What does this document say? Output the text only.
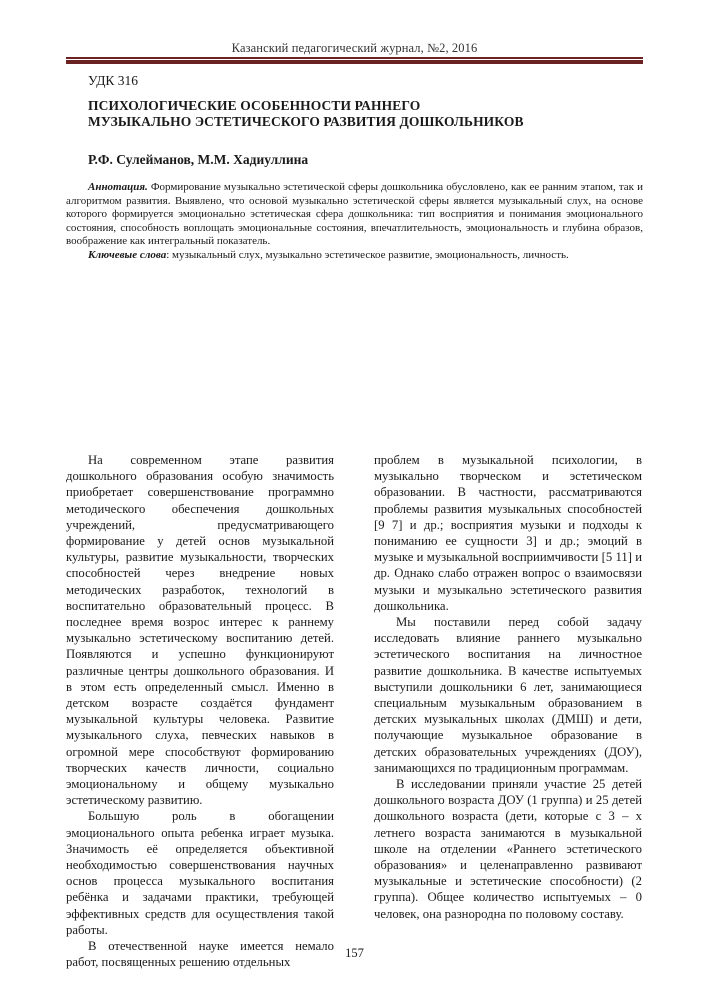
Казанский педагогический журнал, №2, 2016
УДК 316
ПСИХОЛОГИЧЕСКИЕ ОСОБЕННОСТИ РАННЕГО
МУЗЫКАЛЬНО ЭСТЕТИЧЕСКОГО РАЗВИТИЯ ДОШКОЛЬНИКОВ
Р.Ф. Сулейманов, М.М. Хадиуллина

Аннотация. Формирование музыкально эстетической сферы дошкольника обусловлено, как ее ранним этапом, так и алгоритмом развития. Выявлено, что основой музыкально эстетической сферы является музыкальный слух, на основе которого формируется эмоционально эстетическая сфера дошкольника: тип восприятия и понимания эмоционального состояния, способность воплощать эмоциональные состояния, впечатлительность, эмоциональность и глубина образов, воображение как интегральный показатель.

Ключевые слова: музыкальный слух, музыкально эстетическое развитие, эмоциональность, личность.

На современном этапе развития дошкольного образования особую значимость приобретает совершенствование программно методического обеспечения дошкольных учреждений, предусматривающего формирование у детей основ музыкальной культуры, развитие музыкальности, творческих способностей через внедрение новых методических разработок, технологий в воспитательно образовательный процесс. В последнее время возрос интерес к раннему музыкально эстетическому воспитанию детей. Появляются и успешно функционируют различные центры дошкольного образования. И в этом есть определенный смысл. Именно в детском возрасте создаётся фундамент музыкальной культуры человека. Развитие музыкального слуха, певческих навыков в огромной мере способствуют формированию творческих качеств личности, социально эмоциональному и общему музыкально эстетическому развитию.

Большую роль в обогащении эмоционального опыта ребенка играет музыка. Значимость её определяется объективной необходимостью совершенствования научных основ процесса музыкального воспитания ребёнка и задачами практики, требующей эффективных средств для осуществления такой работы.

В отечественной науке имеется немало работ, посвященных решению отдельных

проблем в музыкальной психологии, в музыкально творческом и эстетическом образовании. В частности, рассматриваются проблемы развития музыкальных способностей [9 7] и др.; восприятия музыки и подходы к пониманию ее сущности 3] и др.; эмоций в музыке и музыкальной восприимчивости [5 11] и др. Однако слабо отражен вопрос о взаимосвязи музыки и музыкально эстетического развития дошкольника.

Мы поставили перед собой задачу исследовать влияние раннего музыкально эстетического воспитания на личностное развитие дошкольника. В качестве испытуемых выступили дошкольники 6 лет, занимающиеся специальным музыкальным образованием в детских музыкальных школах (ДМШ) и дети, получающие музыкальное образование в детских образовательных учреждениях (ДОУ), занимающихся по традиционным программам.

В исследовании приняли участие 25 детей дошкольного возраста ДОУ (1 группа) и 25 детей дошкольного возраста (дети, которые с 3 – х летнего возраста занимаются в музыкальной школе на отделении «Раннего эстетического образования» и целенаправленно развивают музыкальные и эстетические способности) (2 группа). Общее количество испытуемых – 0 человек, она разнородна по половому составу.

157
